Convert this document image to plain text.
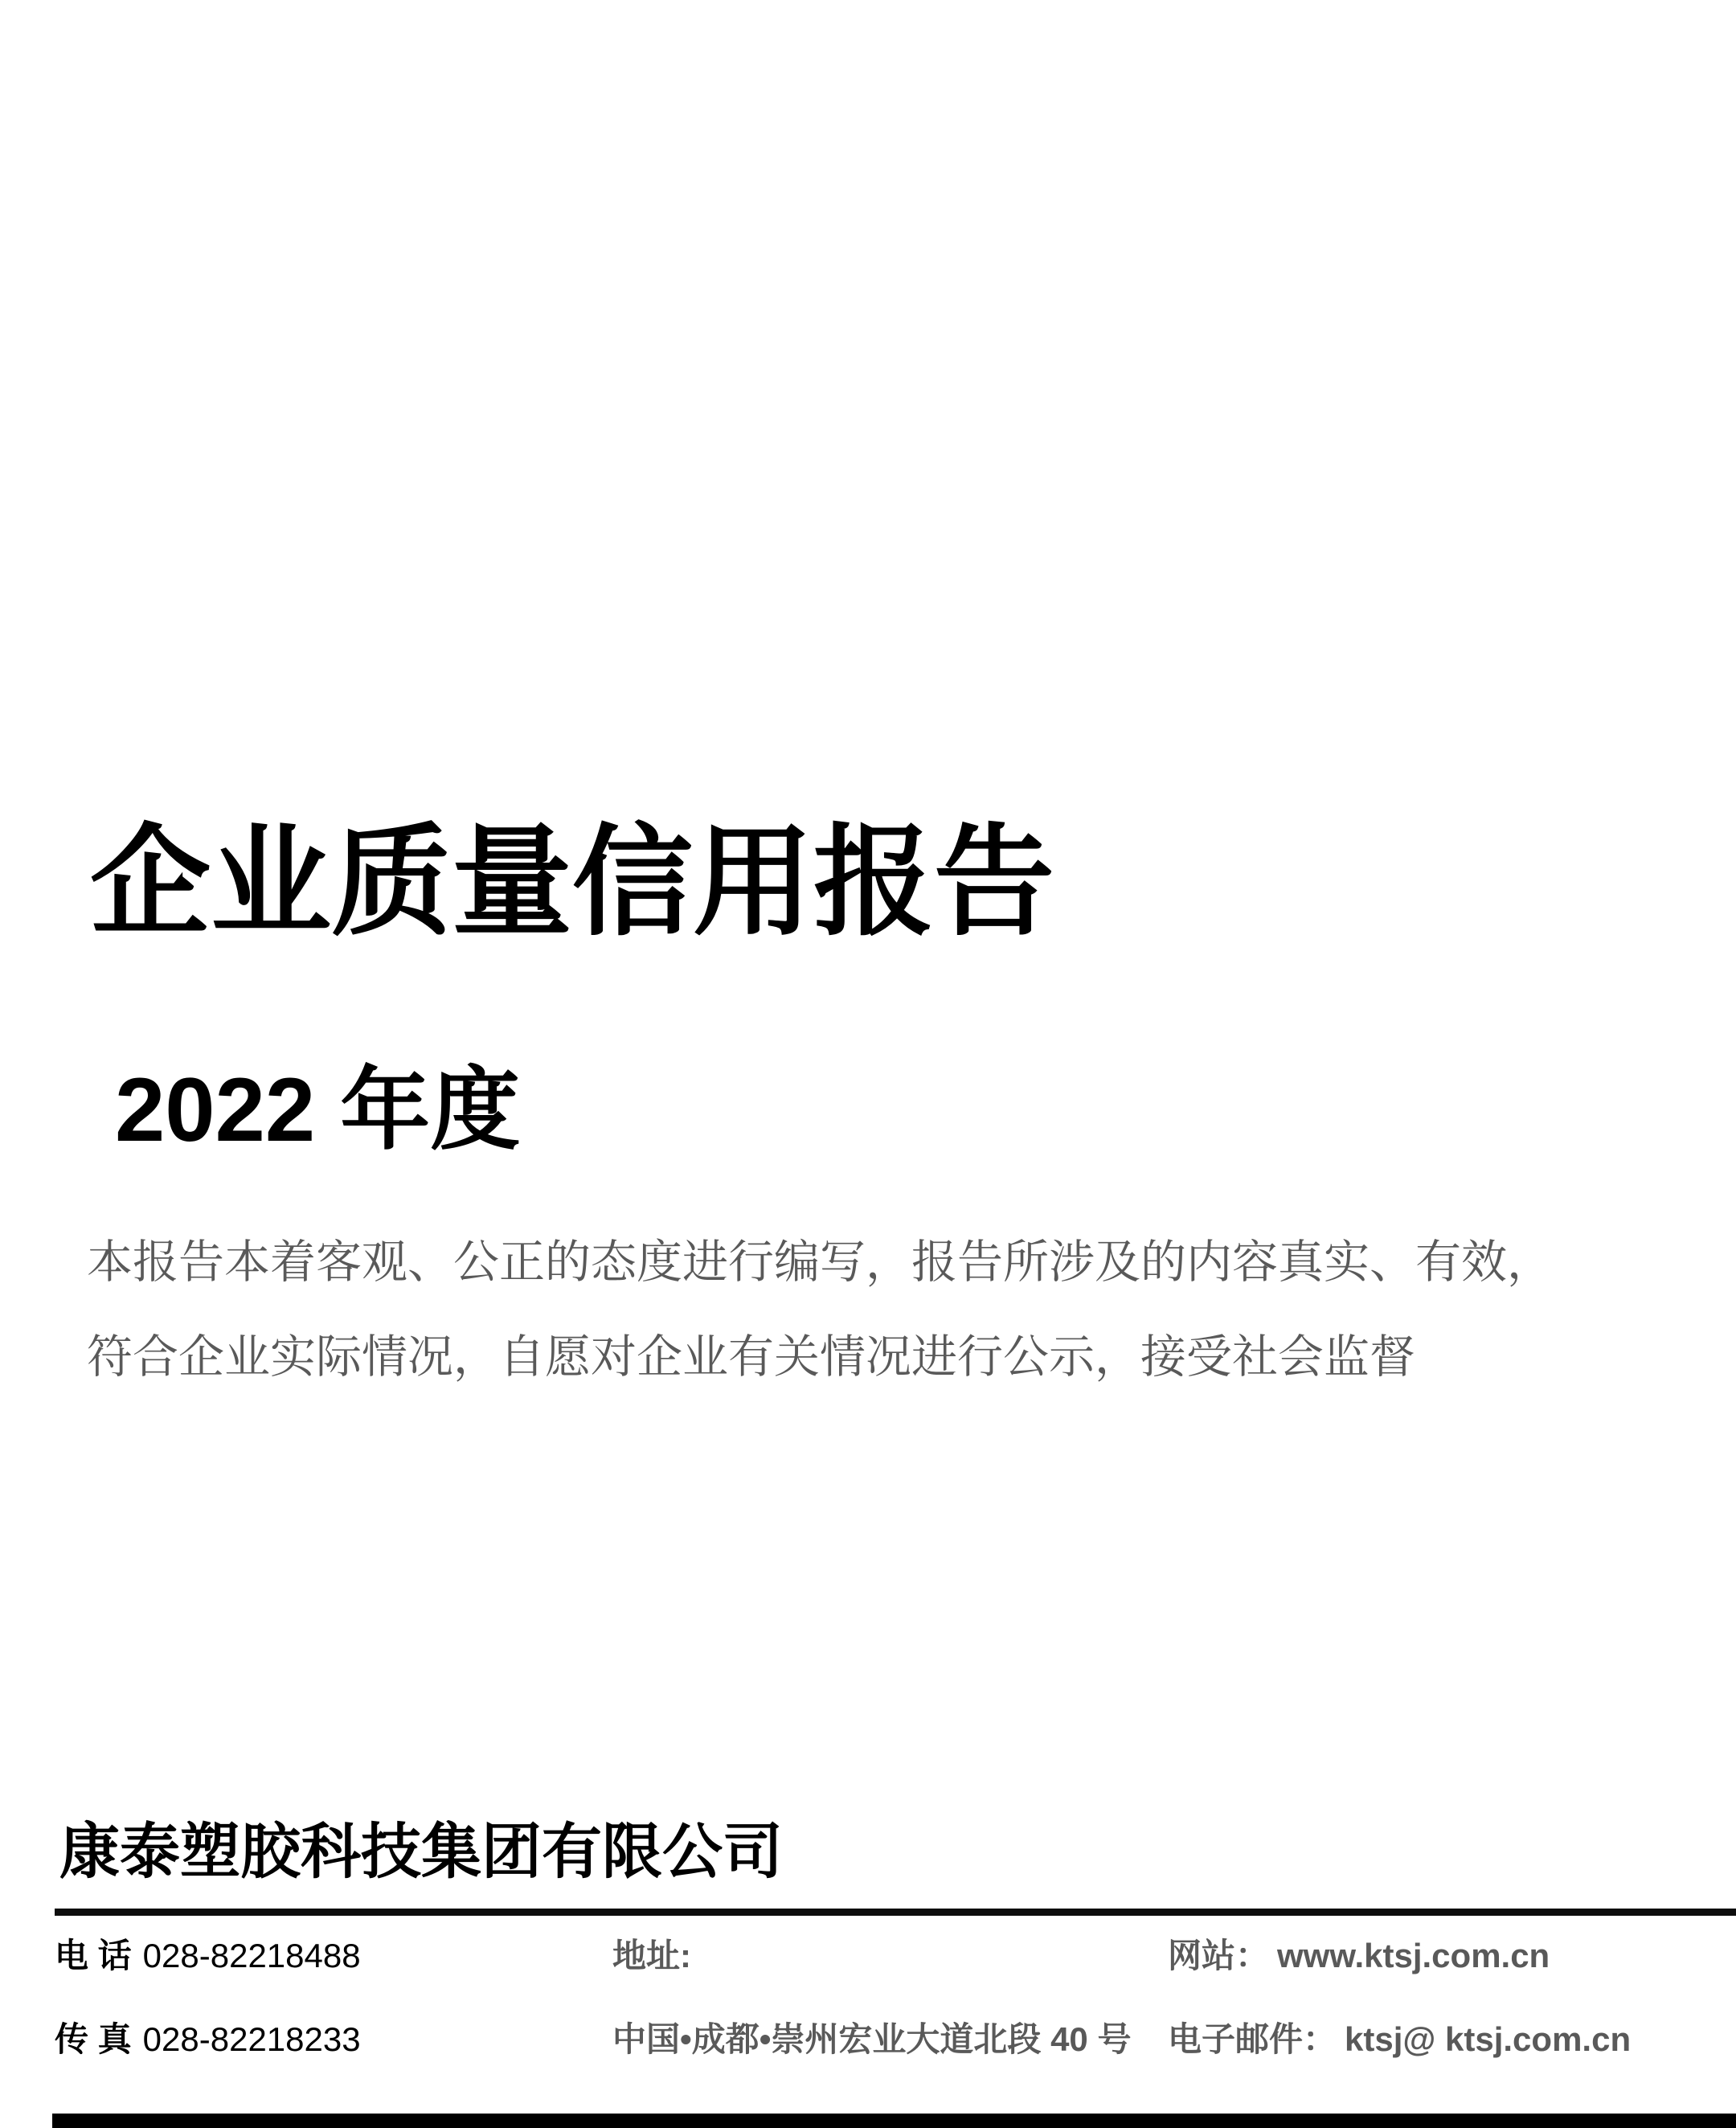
企业质量信用报告
2022 年度
本报告本着客观、公正的态度进行编写，报告所涉及的内容真实、有效，
符合企业实际情况，自愿对企业有关情况进行公示，接受社会监督
康泰塑胶科技集团有限公司
电 话 028-82218488
传 真 028-82218233
地址:
中国•成都•崇州宏业大道北段 40 号
网站： www.ktsj.com.cn
电子邮件： ktsj@ ktsj.com.cn
